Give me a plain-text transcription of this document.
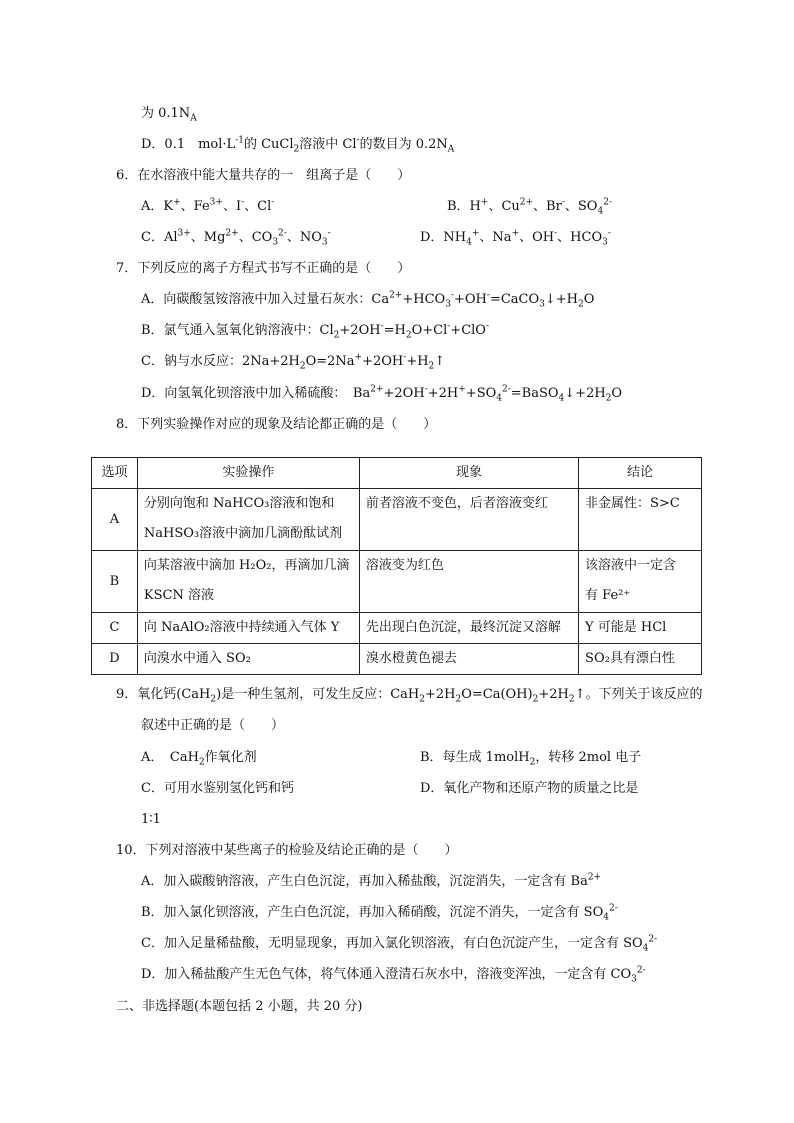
为 $0.1N_A$
D．0.1　$mol\cdot L^{-1}$的 CuCl$_2$溶液中 Cl-的数目为 $0.2N_A$
6．在水溶液中能大量共存的一　组离子是（　　）
A．K+、$Fe^{3+}$、I-、Cl-	B．H+、$Cu^{2+}$、Br-、$SO_4^{2-}$
C．$Al^{3+}$、$Mg^{2+}$、$CO_3^{2-}$、$NO_3^-$	D．$NH_4^+$、Na+、OH-、$HCO_3^-$
7．下列反应的离子方程式书写不正确的是（　　）
A．向碳酸氢铵溶液中加入过量石灰水：$Ca^{2+}+HCO_3^-+OH^-=CaCO_3↓+H_2O$
B．氯气通入氢氧化钠溶液中：$Cl_2+2OH^-=H_2O+Cl^-+ClO^-$
C．钠与水反应：$2Na+2H_2O=2Na^++2OH^-+H_2↑$
D．向氢氧化钡溶液中加入稀硫酸：　$Ba^{2+}+2OH^-+2H^++SO_4^{2-}=BaSO_4↓+2H_2O$
8．下列实验操作对应的现象及结论都正确的是（　　）
选项	实验操作	现象	结论
A	分别向饱和 NaHCO₃溶液和饱和
NaHSO₃溶液中滴加几滴酚酞试剂	前者溶液不变色，后者溶液变红	非金属性：S>C

B	向某溶液中滴加 H₂O₂，再滴加几滴
KSCN 溶液	溶液变为红色	该溶液中一定含
有 Fe²⁺

C	向 NaAlO₂溶液中持续通入气体 Y	先出现白色沉淀，最终沉淀又溶解	Y 可能是 HCl
D	向溴水中通入 SO₂	溴水橙黄色褪去	SO₂具有漂白性
9．氧化钙(CaH$_2$)是一种生氢剂，可发生反应：$CaH_2+2H_2O=Ca(OH)_2+2H_2↑$。下列关于该反应的
叙述中正确的是（　　）
A．　CaH$_2$作氧化剂	B．每生成 1molH$_2$，转移 2mol 电子
C．可用水鉴别氢化钙和钙	D．氧化产物和还原产物的质量之比是
1∶1
10．下列对溶液中某些离子的检验及结论正确的是（　　）
A．加入碳酸钠溶液，产生白色沉淀，再加入稀盐酸，沉淀消失，一定含有 $Ba^{2+}$
B．加入氯化钡溶液，产生白色沉淀，再加入稀硝酸，沉淀不消失，一定含有 $SO_4^{2-}$
C．加入足量稀盐酸，无明显现象，再加入氯化钡溶液，有白色沉淀产生，一定含有 $SO_4^{2-}$
D．加入稀盐酸产生无色气体，将气体通入澄清石灰水中，溶液变浑浊，一定含有 $CO_3^{2-}$
二、非选择题(本题包括 2 小题，共 20 分)
